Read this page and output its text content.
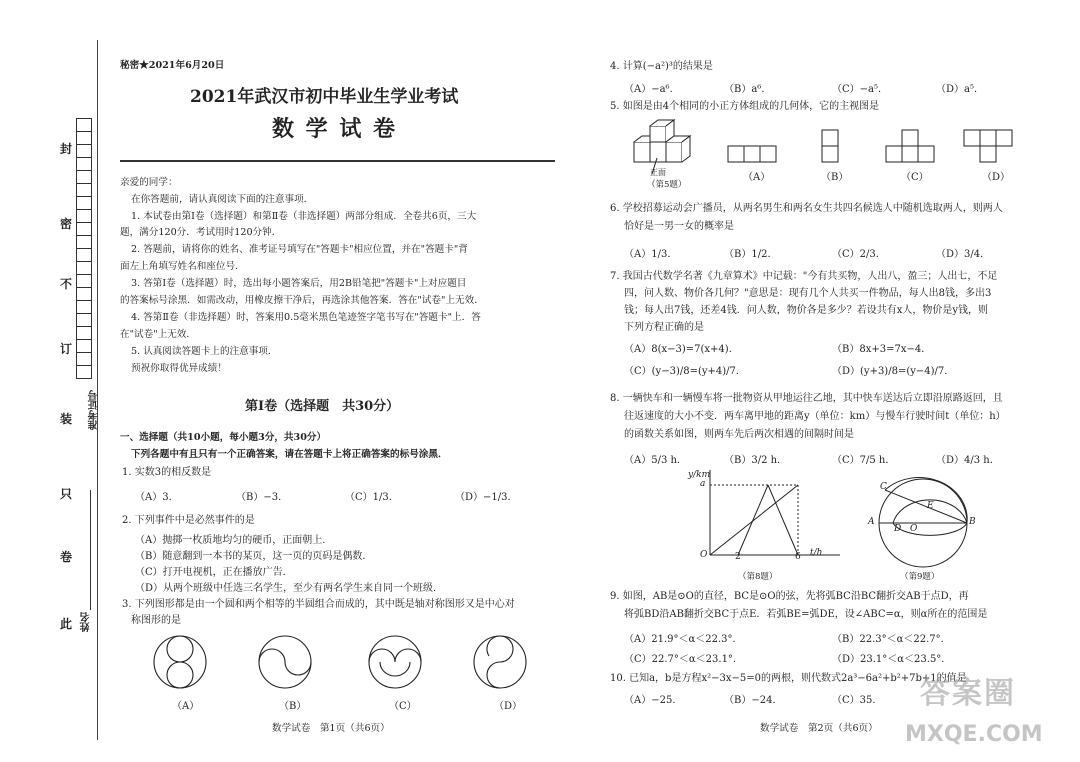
封
密
不
订
装
只
卷
此
准考证号
姓名
秘密★2021年6月20日
2021年武汉市初中毕业生学业考试
数 学 试 卷
亲爱的同学：
在你答题前，请认真阅读下面的注意事项．
1. 本试卷由第Ⅰ卷（选择题）和第Ⅱ卷（非选择题）两部分组成．全卷共6页，三大
题，满分120分．考试用时120分钟．
2. 答题前，请将你的姓名、准考证号填写在"答题卡"相应位置，并在"答题卡"背
面左上角填写姓名和座位号．
3. 答第Ⅰ卷（选择题）时，选出每小题答案后，用2B铅笔把"答题卡"上对应题目
的答案标号涂黑．如需改动，用橡皮擦干净后，再选涂其他答案．答在"试卷"上无效．
4. 答第Ⅱ卷（非选择题）时，答案用0.5毫米黑色笔迹签字笔书写在"答题卡"上．答
在"试卷"上无效．
5. 认真阅读答题卡上的注意事项．
预祝你取得优异成绩！
第Ⅰ卷（选择题　共30分）
一、选择题（共10小题，每小题3分，共30分）
下列各题中有且只有一个正确答案，请在答题卡上将正确答案的标号涂黑．
1. 实数3的相反数是
（A）3．	（B）−3．	（C）1/3．	（D）−1/3．
2. 下列事件中是必然事件的是
（A）抛掷一枚质地均匀的硬币，正面朝上．
（B）随意翻到一本书的某页，这一页的页码是偶数．
（C）打开电视机，正在播放广告．
（D）从两个班级中任选三名学生，至少有两名学生来自同一个班级．
3. 下列图形都是由一个圆和两个相等的半圆组合而成的，其中既是轴对称图形又是中心对
称图形的是
（A）	（B）	（C）	（D）
数学试卷　第1页（共6页）
4. 计算(−a²)³的结果是
（A）−a⁶．	（B）a⁶．	（C）−a⁵．	（D）a⁵．
5. 如图是由4个相同的小正方体组成的几何体，它的主视图是
正面
（第5题）
（A）	（B）	（C）	（D）
6. 学校招募运动会广播员，从两名男生和两名女生共四名候选人中随机选取两人，则两人
恰好是一男一女的概率是
（A）1/3．	（B）1/2．	（C）2/3．	（D）3/4．
7. 我国古代数学名著《九章算术》中记载："今有共买物，人出八，盈三；人出七，不足
四，问人数、物价各几何？"意思是：现有几个人共买一件物品，每人出8钱，多出3
钱；每人出7钱，还差4钱．问人数，物价各是多少？若设共有x人，物价是y钱，则
下列方程正确的是
（A）8(x−3)=7(x+4)．	（B）8x+3=7x−4．
（C）(y−3)/8=(y+4)/7．	（D）(y+3)/8=(y−4)/7．
8. 一辆快车和一辆慢车将一批物资从甲地运往乙地，其中快车送达后立即沿原路返回，且
往返速度的大小不变．两车离甲地的距离y（单位：km）与慢车行驶时间t（单位：h）
的函数关系如图，则两车先后两次相遇的间隔时间是
（A）5/3 h．	（B）3/2 h．	（C）7/5 h．	（D）4/3 h．
y/km
a
O	2	6 t/h
（第8题）
C
E
A
D O
B
（第9题）
9. 如图，AB是⊙O的直径，BC是⊙O的弦，先将弧BC沿BC翻折交AB于点D，再
将弧BD沿AB翻折交BC于点E．若弧BE=弧DE，设∠ABC=α，则α所在的范围是
（A）21.9°＜α＜22.3°．	（B）22.3°＜α＜22.7°．
（C）22.7°＜α＜23.1°．	（D）23.1°＜α＜23.5°．
10. 已知a，b是方程x²−3x−5=0的两根，则代数式2a³−6a²+b²+7b+1的值是
（A）−25．	（B）−24．	（C）35．
数学试卷　第2页（共6页）
答案圈
MXQE.COM
